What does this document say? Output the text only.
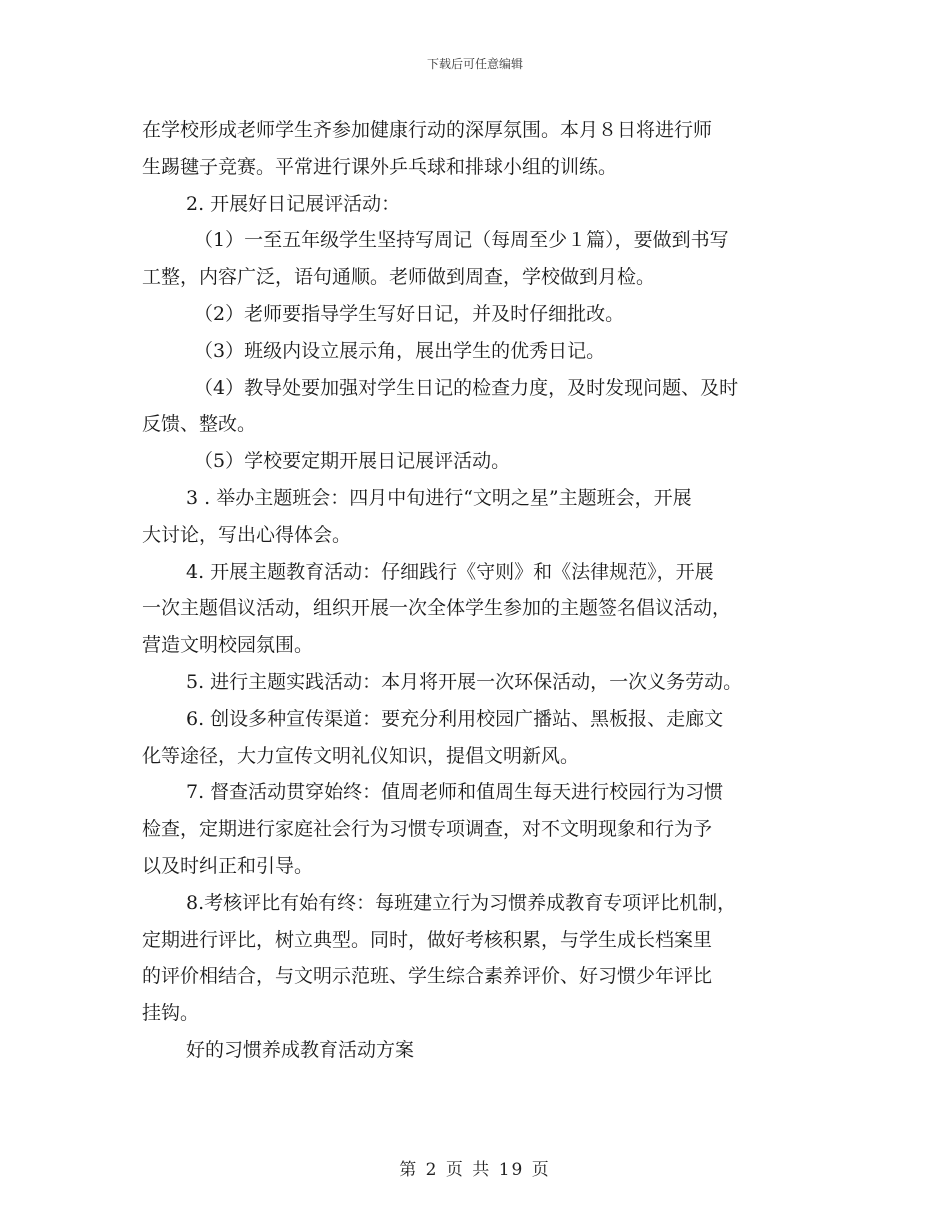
下载后可任意编辑
在学校形成老师学生齐参加健康行动的深厚氛围。本月８日将进行师
生踢毽子竞赛。平常进行课外乒乓球和排球小组的训练。
2. 开展好日记展评活动：
（1）一至五年级学生坚持写周记（每周至少１篇），要做到书写
工整，内容广泛，语句通顺。老师做到周查，学校做到月检。
（2）老师要指导学生写好日记，并及时仔细批改。
（3）班级内设立展示角，展出学生的优秀日记。
（4）教导处要加强对学生日记的检查力度，及时发现问题、及时
反馈、整改。
（5）学校要定期开展日记展评活动。
3 . 举办主题班会：四月中旬进行“文明之星”主题班会，开展
大讨论，写出心得体会。
4. 开展主题教育活动：仔细践行《守则》和《法律规范》，开展
一次主题倡议活动，组织开展一次全体学生参加的主题签名倡议活动，
营造文明校园氛围。
5. 进行主题实践活动：本月将开展一次环保活动，一次义务劳动。
6. 创设多种宣传渠道：要充分利用校园广播站、黑板报、走廊文
化等途径，大力宣传文明礼仪知识，提倡文明新风。
7. 督查活动贯穿始终：值周老师和值周生每天进行校园行为习惯
检查，定期进行家庭社会行为习惯专项调查，对不文明现象和行为予
以及时纠正和引导。
8.考核评比有始有终：每班建立行为习惯养成教育专项评比机制，
定期进行评比，树立典型。同时，做好考核积累，与学生成长档案里
的评价相结合，与文明示范班、学生综合素养评价、好习惯少年评比
挂钩。
好的习惯养成教育活动方案
第 2 页 共 19 页
